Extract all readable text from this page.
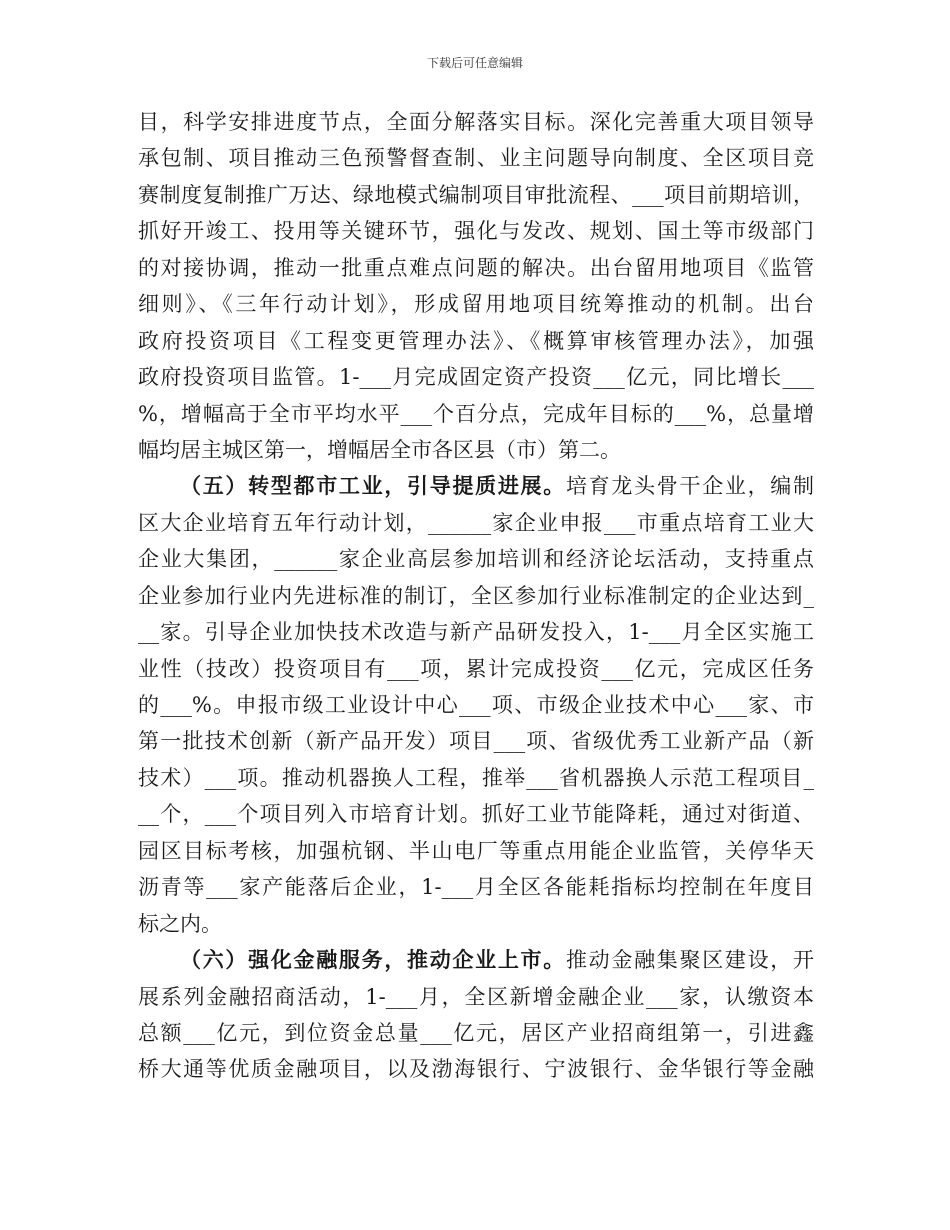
下载后可任意编辑
目，科学安排进度节点，全面分解落实目标。深化完善重大项目领导
承包制、项目推动三色预警督查制、业主问题导向制度、全区项目竞
赛制度复制推广万达、绿地模式编制项目审批流程、___项目前期培训，
抓好开竣工、投用等关键环节，强化与发改、规划、国土等市级部门
的对接协调，推动一批重点难点问题的解决。出台留用地项目《监管
细则》、《三年行动计划》，形成留用地项目统筹推动的机制。出台
政府投资项目《工程变更管理办法》、《概算审核管理办法》，加强
政府投资项目监管。1-___月完成固定资产投资___亿元，同比增长___
%，增幅高于全市平均水平___个百分点，完成年目标的___%，总量增
幅均居主城区第一，增幅居全市各区县（市）第二。
（五）转型都市工业，引导提质进展。培育龙头骨干企业，编制
区大企业培育五年行动计划，______家企业申报___市重点培育工业大
企业大集团，______家企业高层参加培训和经济论坛活动，支持重点
企业参加行业内先进标准的制订，全区参加行业标准制定的企业达到_
__家。引导企业加快技术改造与新产品研发投入，1-___月全区实施工
业性（技改）投资项目有___项，累计完成投资___亿元，完成区任务
的___%。申报市级工业设计中心___项、市级企业技术中心___家、市
第一批技术创新（新产品开发）项目___项、省级优秀工业新产品（新
技术）___项。推动机器换人工程，推举___省机器换人示范工程项目_
__个，___个项目列入市培育计划。抓好工业节能降耗，通过对街道、
园区目标考核，加强杭钢、半山电厂等重点用能企业监管，关停华天
沥青等___家产能落后企业，1-___月全区各能耗指标均控制在年度目
标之内。
（六）强化金融服务，推动企业上市。推动金融集聚区建设，开
展系列金融招商活动，1-___月，全区新增金融企业___家，认缴资本
总额___亿元，到位资金总量___亿元，居区产业招商组第一，引进鑫
桥大通等优质金融项目，以及渤海银行、宁波银行、金华银行等金融
